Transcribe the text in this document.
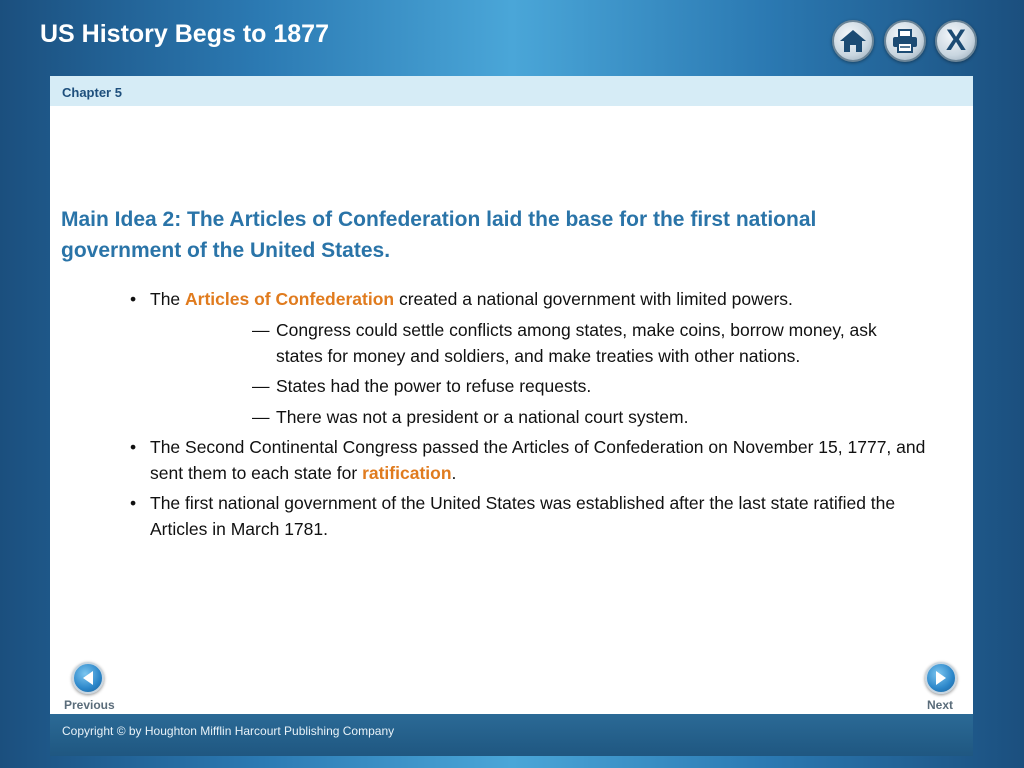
US History Begs to 1877	X
Chapter 5
Main Idea 2: The Articles of Confederation laid the base for the first national government of the United States.
• The Articles of Confederation created a national government with limited powers.
— Congress could settle conflicts among states, make coins, borrow money, ask states for money and soldiers, and make treaties with other nations.
— States had the power to refuse requests.
— There was not a president or a national court system.
• The Second Continental Congress passed the Articles of Confederation on November 15, 1777, and sent them to each state for ratification.
• The first national government of the United States was established after the last state ratified the Articles in March 1781.
Previous	Next
Copyright © by Houghton Mifflin Harcourt Publishing Company
